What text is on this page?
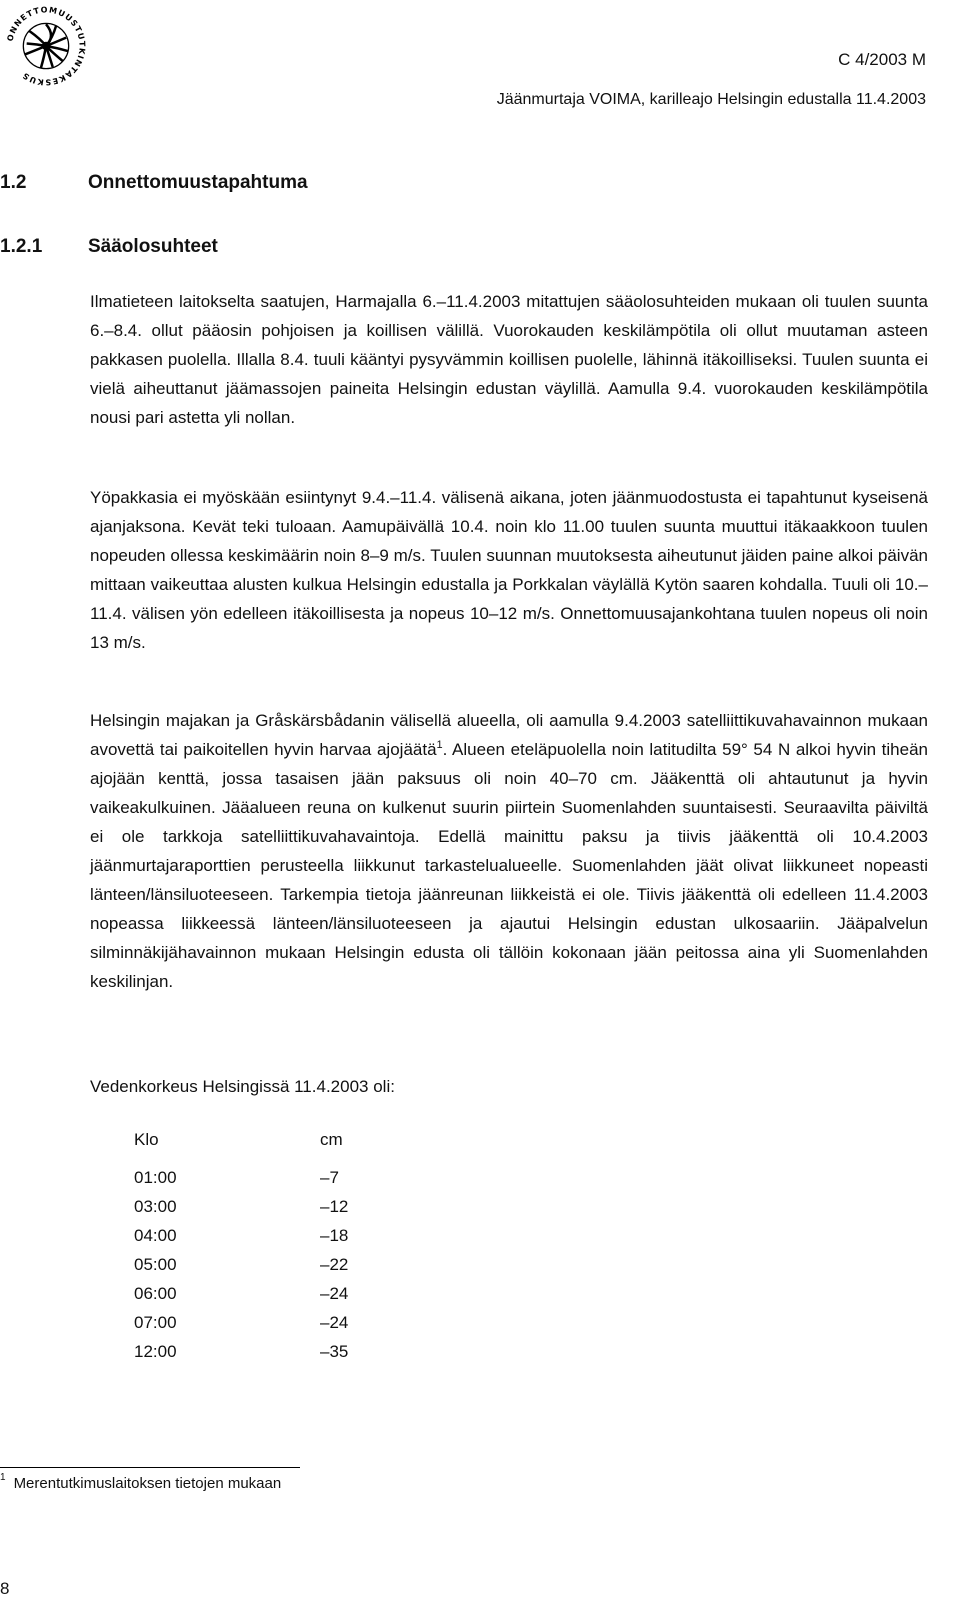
ONNETTOMUUSTUTKINTAKESKUS
C 4/2003 M
Jäänmurtaja VOIMA, karilleajo Helsingin edustalla 11.4.2003
1.2	Onnettomuustapahtuma
1.2.1 Sääolosuhteet

Ilmatieteen laitokselta saatujen, Harmajalla 6.–11.4.2003 mitattujen sääolosuhteiden mukaan oli tuulen suunta 6.–8.4. ollut pääosin pohjoisen ja koillisen välillä. Vuorokauden keskilämpötila oli ollut muutaman asteen pakkasen puolella. Illalla 8.4. tuuli kääntyi pysyvämmin koillisen puolelle, lähinnä itäkoilliseksi. Tuulen suunta ei vielä aiheuttanut jäämassojen paineita Helsingin edustan väylillä. Aamulla 9.4. vuorokauden keskilämpötila nousi pari astetta yli nollan.

Yöpakkasia ei myöskään esiintynyt 9.4.–11.4. välisenä aikana, joten jäänmuodostusta ei tapahtunut kyseisenä ajanjaksona. Kevät teki tuloaan. Aamupäivällä 10.4. noin klo 11.00 tuulen suunta muuttui itäkaakkoon tuulen nopeuden ollessa keskimäärin noin 8–9 m/s. Tuulen suunnan muutoksesta aiheutunut jäiden paine alkoi päivän mittaan vaikeuttaa alusten kulkua Helsingin edustalla ja Porkkalan väylällä Kytön saaren kohdalla. Tuuli oli 10.–11.4. välisen yön edelleen itäkoillisesta ja nopeus 10–12 m/s. Onnettomuusajankohtana tuulen nopeus oli noin 13 m/s.

Helsingin majakan ja Gråskärsbådanin välisellä alueella, oli aamulla 9.4.2003 satelliittikuvahavainnon mukaan avovettä tai paikoitellen hyvin harvaa ajojäätä$^1$. Alueen eteläpuolella noin latitudilta 59° 54 N alkoi hyvin tiheän ajojään kenttä, jossa tasaisen jään paksuus oli noin 40–70 cm. Jääkenttä oli ahtautunut ja hyvin vaikeakulkuinen. Jääalueen reuna on kulkenut suurin piirtein Suomenlahden suuntaisesti. Seuraavilta päiviltä ei ole tarkkoja satelliittikuvahavaintoja. Edellä mainittu paksu ja tiivis jääkenttä oli 10.4.2003 jäänmurtajaraporttien perusteella liikkunut tarkastelualueelle. Suomenlahden jäät olivat liikkuneet nopeasti länteen/länsiluoteeseen. Tarkempia tietoja jäänreunan liikkeistä ei ole. Tiivis jääkenttä oli edelleen 11.4.2003 nopeassa liikkeessä länteen/länsiluoteeseen ja ajautui Helsingin edustan ulkosaariin. Jääpalvelun silminnäkijähavainnon mukaan Helsingin edusta oli tällöin kokonaan jään peitossa aina yli Suomenlahden keskilinjan.

Vedenkorkeus Helsingissä 11.4.2003 oli:

Klo	cm
01:00	–7
03:00	–12
04:00	–18
05:00	–22
06:00	–24
07:00	–24
12:00	–35
$^1$ Merentutkimuslaitoksen tietojen mukaan
8
